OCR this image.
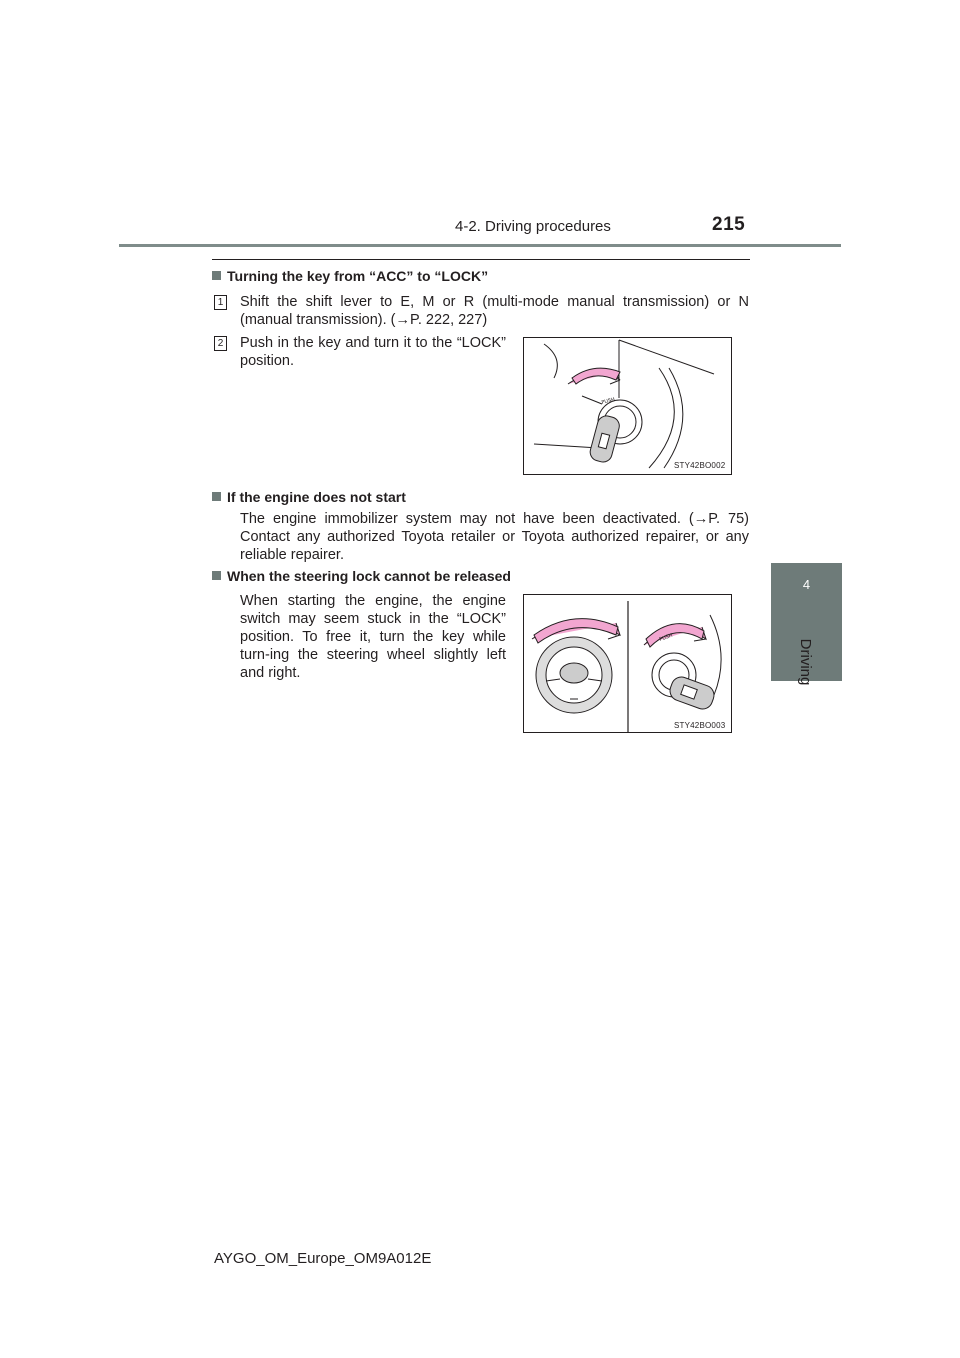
4-2. Driving procedures	215
4
Driving
Turning the key from “ACC” to “LOCK”
1 Shift the shift lever to E, M or R (multi-mode manual transmission) or N (manual transmission). (→P. 222, 227)
2 Push in the key and turn it to the “LOCK” position.
PUSH
STY42BO002
If the engine does not start
The engine immobilizer system may not have been deactivated. (→P. 75) Contact any authorized Toyota retailer or Toyota authorized repairer, or any reliable repairer.
When the steering lock cannot be released
When starting the engine, the engine switch may seem stuck in the “LOCK” position. To free it, turn the key while turn-ing the steering wheel slightly left and right.
PUSH
STY42BO003
AYGO_OM_Europe_OM9A012E
